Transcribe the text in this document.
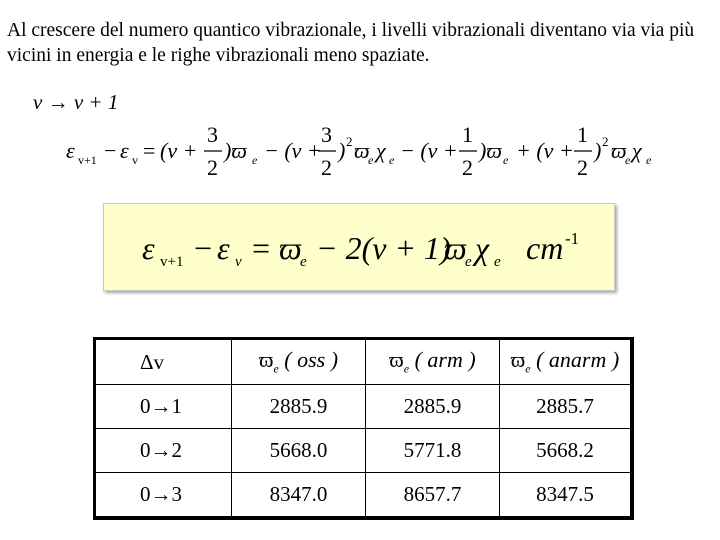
Al crescere del numero quantico vibrazionale, i livelli vibrazionali diventano via via più vicini in energia e le righe vibrazionali meno spaziate.

v → v + 1
ε v+1 − ε v = (v +
3
2
)ϖ e − (v +
3
2
) 2 ϖ
e χ e − (v +
1
2
)ϖ e + (v +
1
2
) 2 ϖ
e χ e
ε v+1 − ε v = ϖ
e − 2(v + 1)
ϖ
e χ e cm -1
Δv	$ϖ_e$ ( oss )	$ϖ_e$ ( arm )	$ϖ_e$ ( anarm )
0→1	2885.9	2885.9	2885.7
0→2	5668.0	5771.8	5668.2
0→3	8347.0	8657.7	8347.5
